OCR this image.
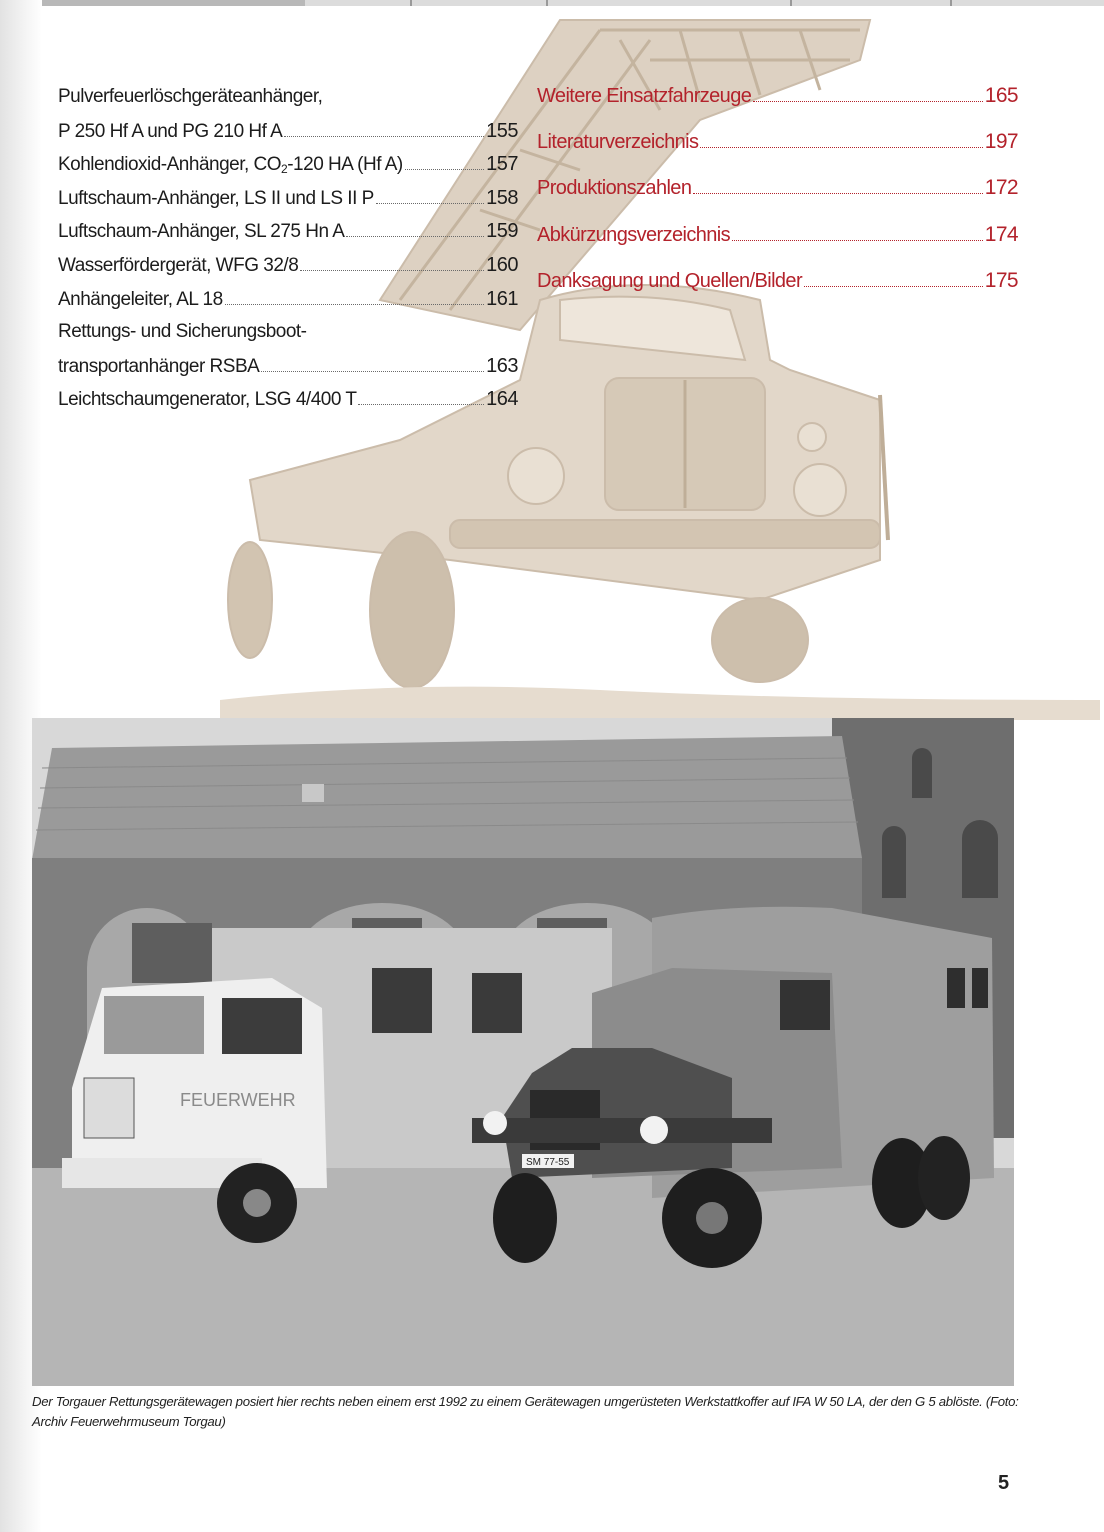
Pulverfeuerlöschgeräteanhänger,
P 250 Hf A und PG 210 Hf A	155
Kohlendioxid-Anhänger, $CO_2-120$ HA (Hf A)	157
Luftschaum-Anhänger, LS II und LS II P	158
Luftschaum-Anhänger, SL 275 Hn A	159
Wasserfördergerät, WFG 32/8	160
Anhängeleiter, AL 18	161
Rettungs- und Sicherungsboot-
transportanhänger RSBA	163
Leichtschaumgenerator, LSG 4/400 T	164
Weitere Einsatzfahrzeuge	165
Literaturverzeichnis	197
Produktionszahlen	172
Abkürzungsverzeichnis	174
Danksagung und Quellen/Bilder	175
FEUERWEHR
SM 77-55
Der Torgauer Rettungsgerätewagen posiert hier rechts neben einem erst 1992 zu einem Gerätewagen umgerüsteten Werkstattkoffer auf IFA W 50 LA, der den G 5 ablöste. (Foto: Archiv Feuerwehrmuseum Torgau)
5
